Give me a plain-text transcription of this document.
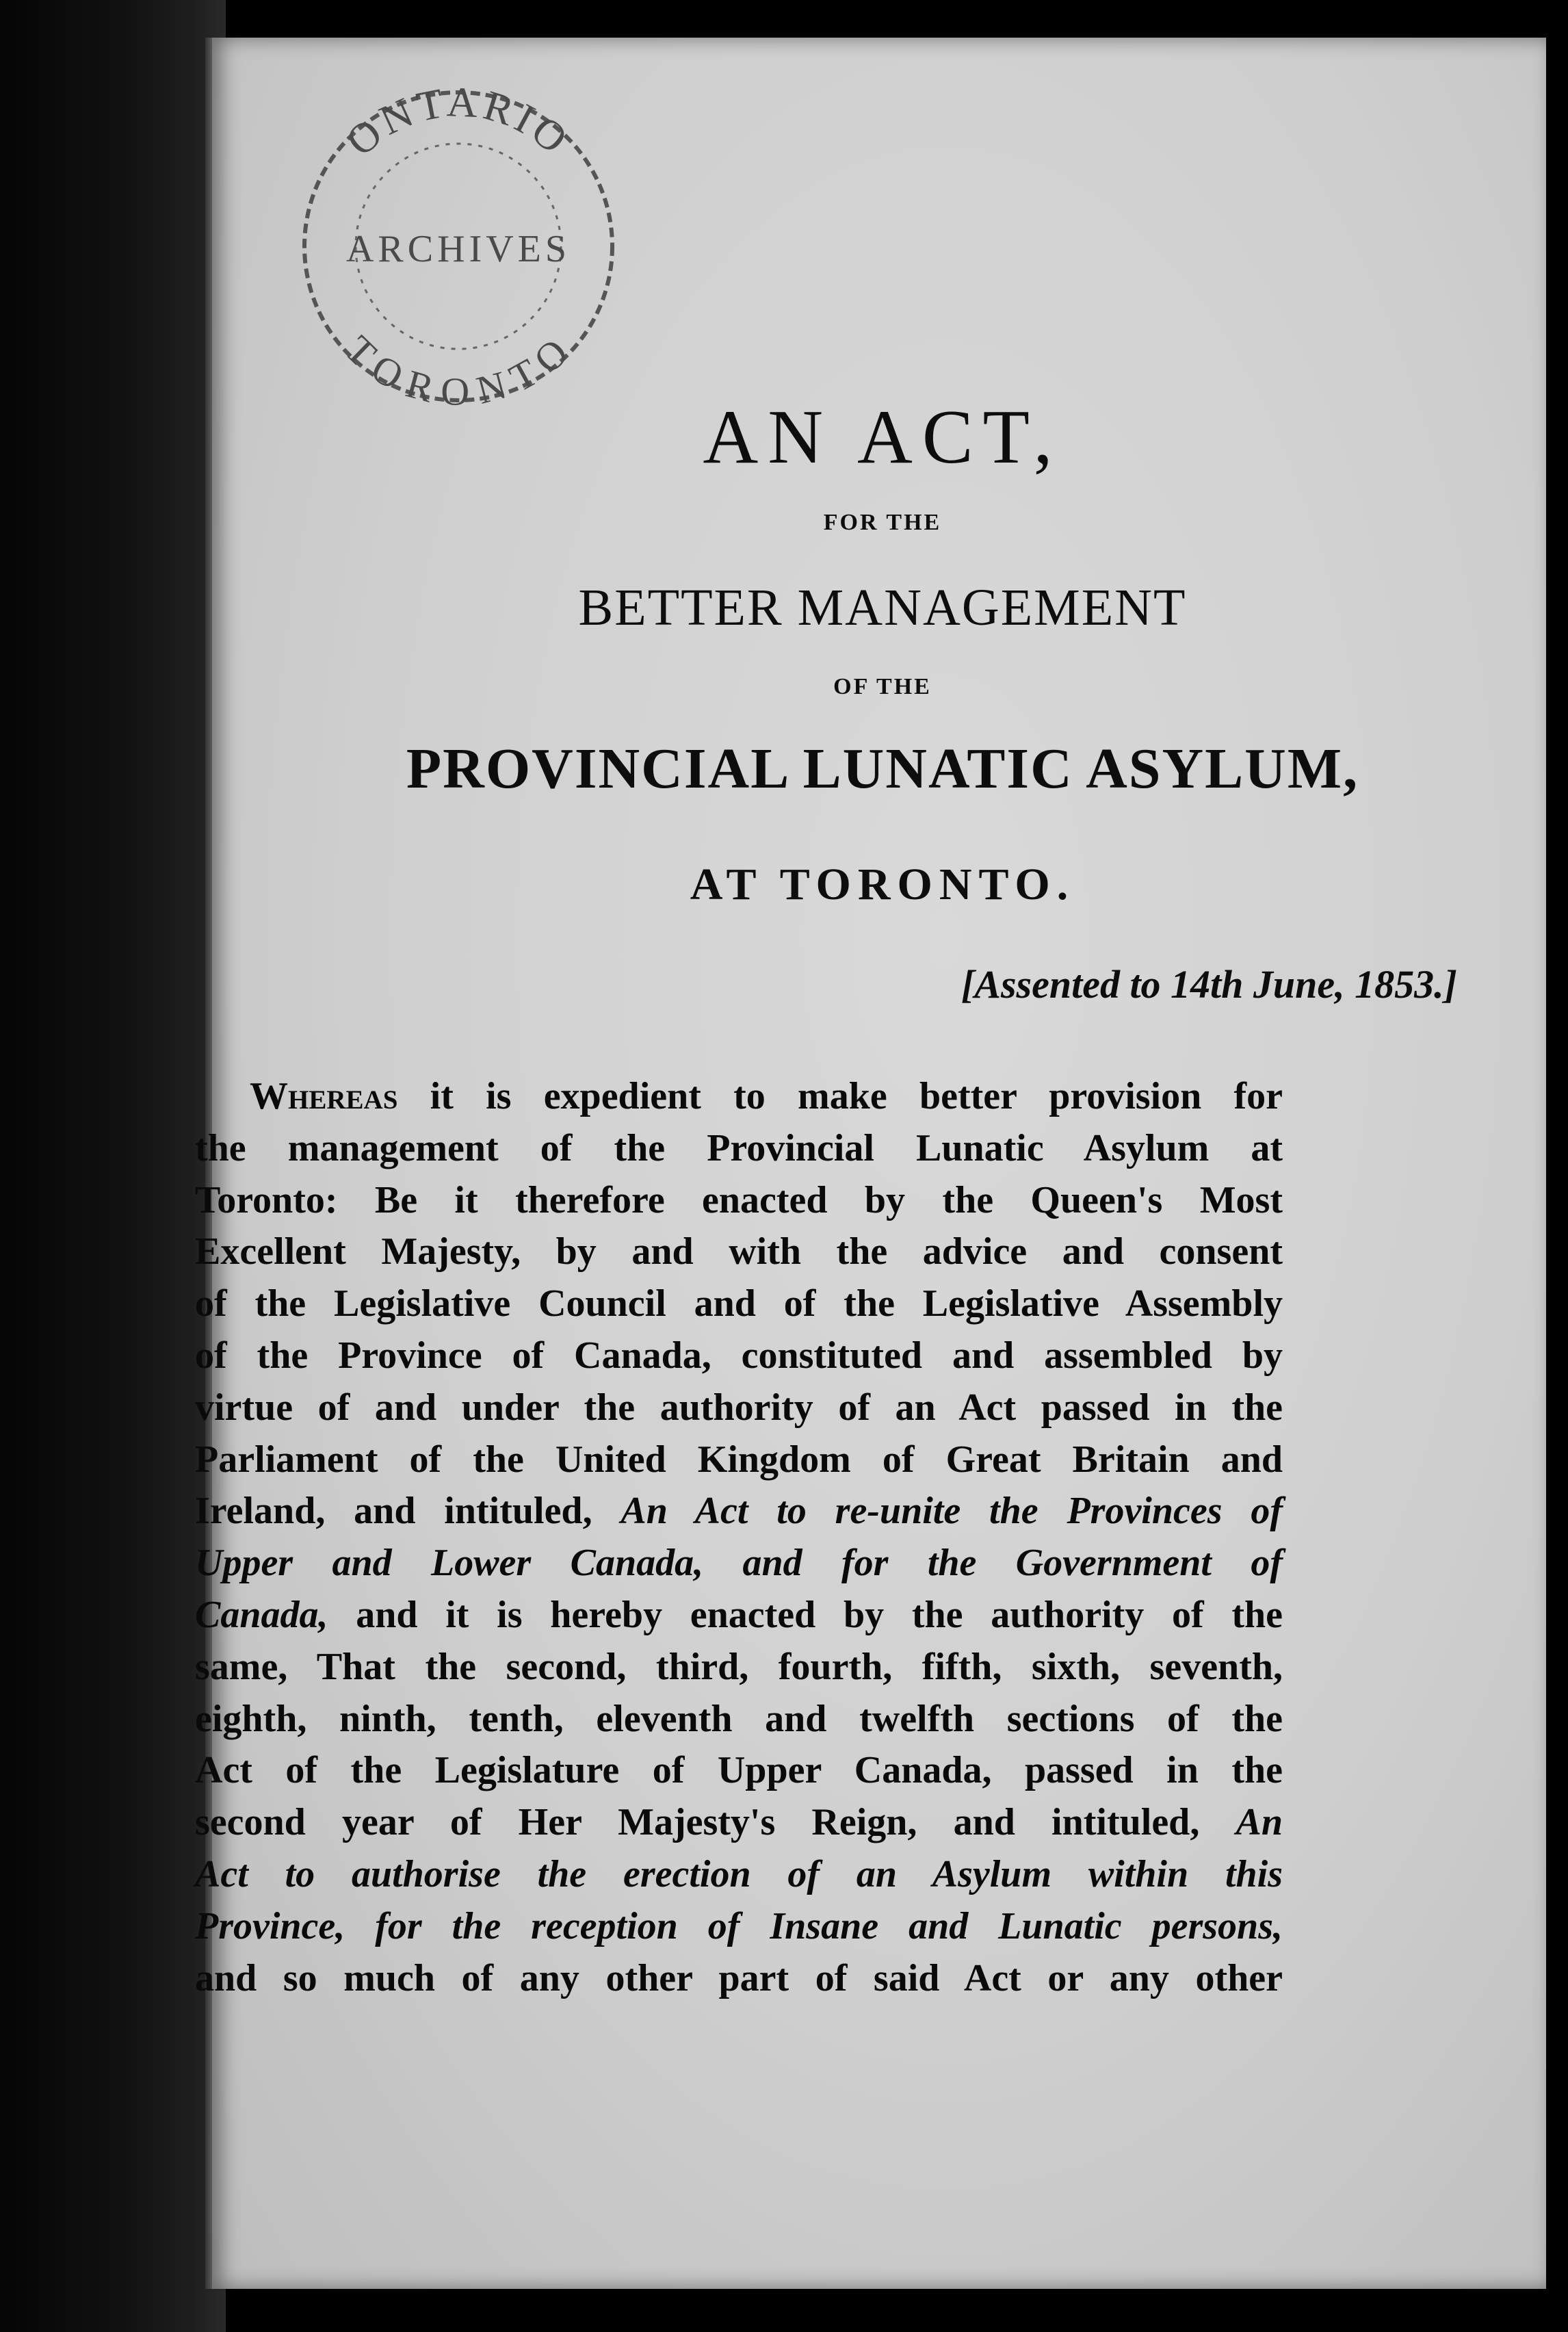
ONTARIO
ARCHIVES
TORONTO
AN ACT,
FOR THE
BETTER MANAGEMENT
OF THE
PROVINCIAL LUNATIC ASYLUM,
AT TORONTO.
[Assented to 14th June, 1853.]
Whereas it is expedient to make better provision for
the management of the Provincial Lunatic Asylum at
Toronto: Be it therefore enacted by the Queen's Most
Excellent Majesty, by and with the advice and consent
of the Legislative Council and of the Legislative Assembly
of the Province of Canada, constituted and assembled by
virtue of and under the authority of an Act passed in the
Parliament of the United Kingdom of Great Britain and
Ireland, and intituled, An Act to re-unite the Provinces of
Upper and Lower Canada, and for the Government of
Canada, and it is hereby enacted by the authority of the
same, That the second, third, fourth, fifth, sixth, seventh,
eighth, ninth, tenth, eleventh and twelfth sections of the
Act of the Legislature of Upper Canada, passed in the
second year of Her Majesty's Reign, and intituled, An
Act to authorise the erection of an Asylum within this
Province, for the reception of Insane and Lunatic persons,
and so much of any other part of said Act or any other
